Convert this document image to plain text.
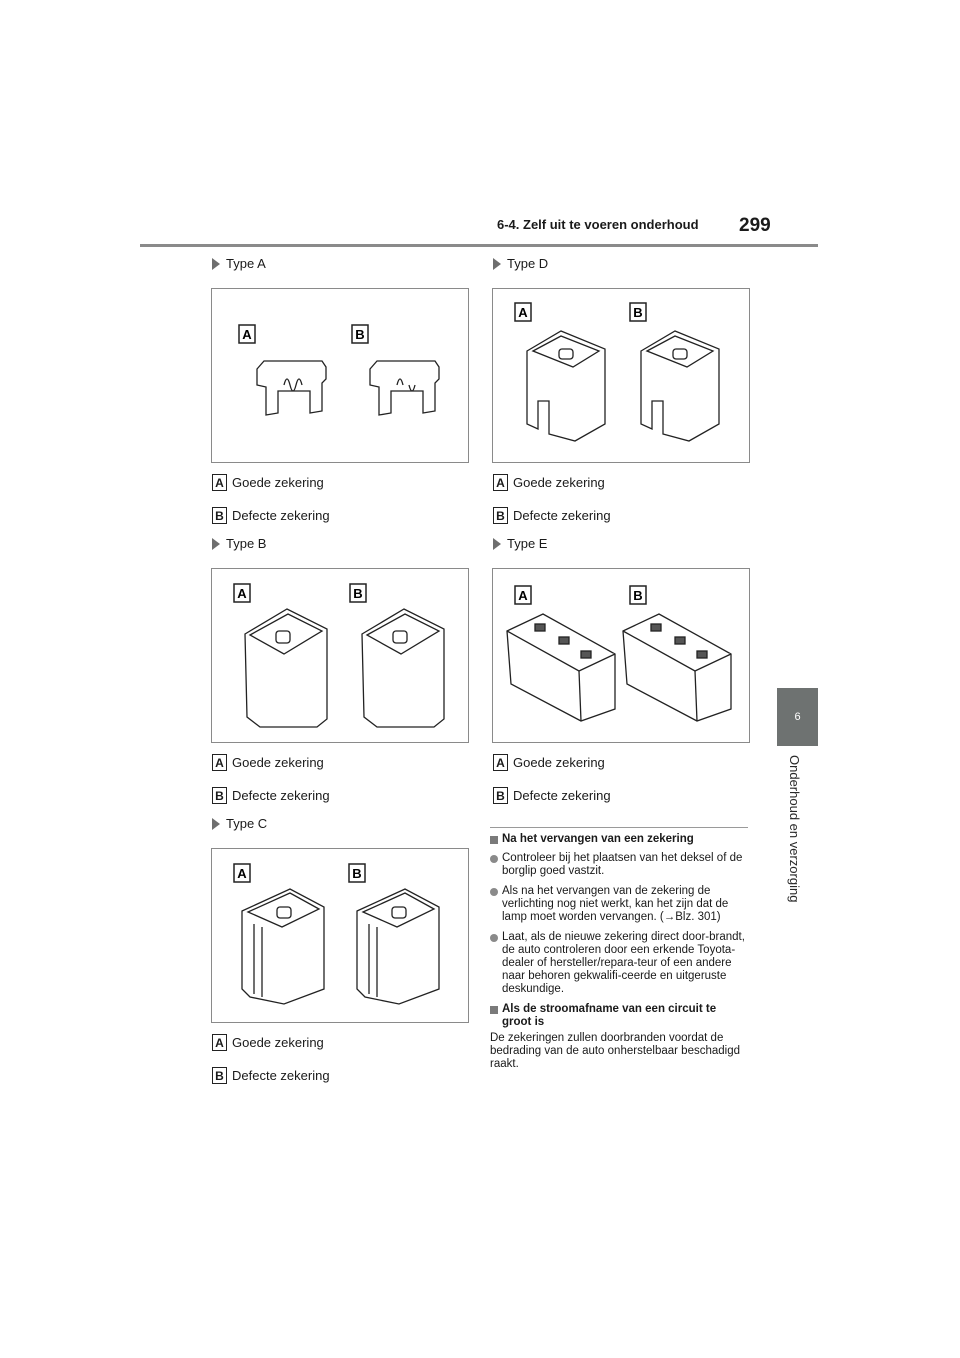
6-4. Zelf uit te voeren onderhoud 299
6
Onderhoud en verzorging
Type A
A	B
A Goede zekering
B Defecte zekering
Type B
A	B
A Goede zekering
B Defecte zekering
Type C
A	B
A Goede zekering
B Defecte zekering
Type D
A	B
A Goede zekering
B Defecte zekering
Type E
A	B
A Goede zekering
B Defecte zekering
Na het vervangen van een zekering
Controleer bij het plaatsen van het deksel of de borglip goed vastzit.
Als na het vervangen van de zekering de verlichting nog niet werkt, kan het zijn dat de lamp moet worden vervangen. (→Blz. 301)
Laat, als de nieuwe zekering direct door-brandt, de auto controleren door een erkende Toyota-dealer of hersteller/repara-teur of een andere naar behoren gekwalifi-ceerde en uitgeruste deskundige.
Als de stroomafname van een circuit te groot is
De zekeringen zullen doorbranden voordat de bedrading van de auto onherstelbaar beschadigd raakt.
